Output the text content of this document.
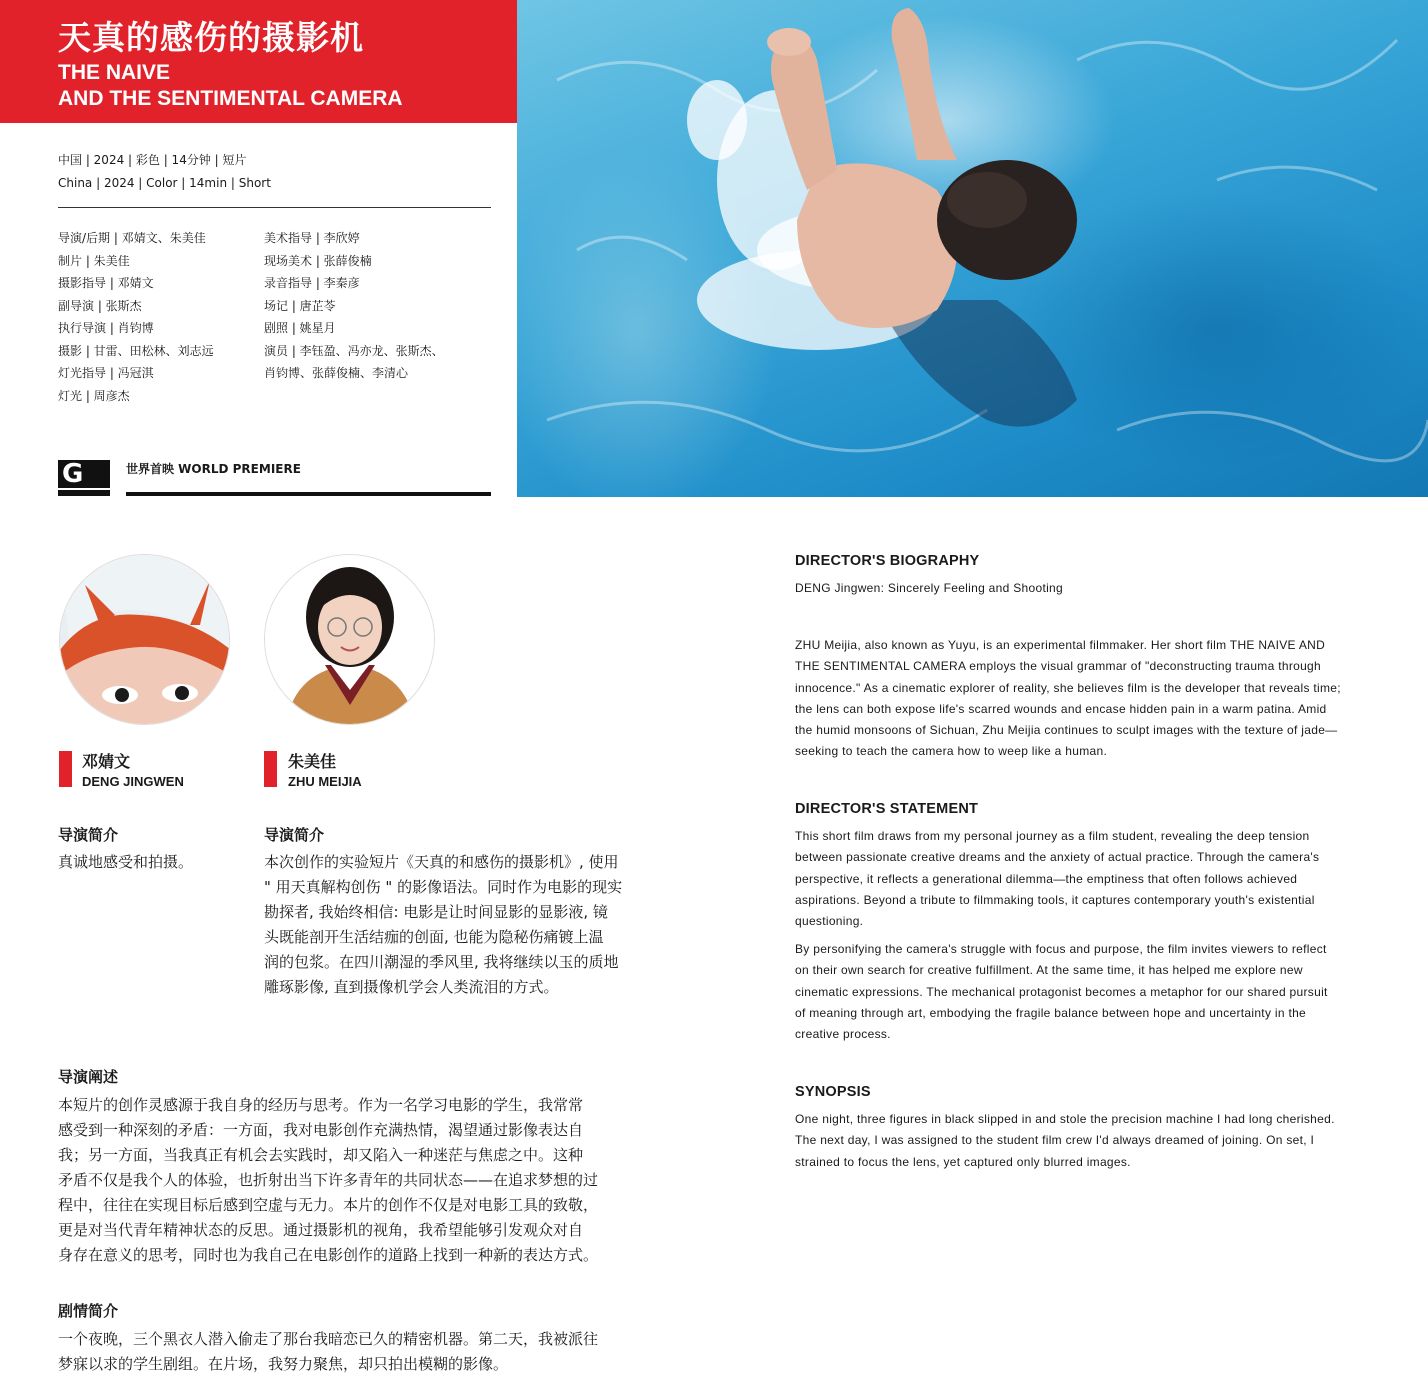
天真的感伤的摄影机
THE NAIVE
AND THE SENTIMENTAL CAMERA
中国 | 2024 | 彩色 | 14分钟 | 短片
China | 2024 | Color | 14min | Short
导演/后期 | 邓婧文、朱美佳
制片 | 朱美佳
摄影指导 | 邓婧文
副导演 | 张斯杰
执行导演 | 肖钧博
摄影 | 甘雷、田松林、刘志远
灯光指导 | 冯冠淇
灯光 | 周彦杰
美术指导 | 李欣婷
现场美术 | 张薛俊楠
录音指导 | 李秦彦
场记 | 唐芷苓
剧照 | 姚星月
演员 | 李钰盈、冯亦龙、张斯杰、
肖钧博、张薛俊楠、李清心
G	世界首映 WORLD PREMIERE
邓婧文
DENG JINGWEN
朱美佳
ZHU MEIJIA
导演简介
真诚地感受和拍摄。
导演简介
本次创作的实验短片《天真的和感伤的摄影机》, 使用
" 用天真解构创伤 " 的影像语法。同时作为电影的现实
勘探者, 我始终相信: 电影是让时间显影的显影液, 镜
头既能剖开生活结痂的创面, 也能为隐秘伤痛镀上温
润的包浆。在四川潮湿的季风里, 我将继续以玉的质地
雕琢影像, 直到摄像机学会人类流泪的方式。
导演阐述
本短片的创作灵感源于我自身的经历与思考。作为一名学习电影的学生，我常常
感受到一种深刻的矛盾：一方面，我对电影创作充满热情，渴望通过影像表达自
我；另一方面，当我真正有机会去实践时，却又陷入一种迷茫与焦虑之中。这种
矛盾不仅是我个人的体验，也折射出当下许多青年的共同状态——在追求梦想的过
程中，往往在实现目标后感到空虚与无力。本片的创作不仅是对电影工具的致敬，
更是对当代青年精神状态的反思。通过摄影机的视角，我希望能够引发观众对自
身存在意义的思考，同时也为我自己在电影创作的道路上找到一种新的表达方式。
剧情简介
一个夜晚，三个黑衣人潜入偷走了那台我暗恋已久的精密机器。第二天，我被派往
梦寐以求的学生剧组。在片场，我努力聚焦，却只拍出模糊的影像。
DIRECTOR'S BIOGRAPHY
DENG Jingwen: Sincerely Feeling and Shooting
ZHU Meijia, also known as Yuyu, is an experimental filmmaker. Her short film THE NAIVE AND
THE SENTIMENTAL CAMERA employs the visual grammar of "deconstructing trauma through
innocence." As a cinematic explorer of reality, she believes film is the developer that reveals time;
the lens can both expose life's scarred wounds and encase hidden pain in a warm patina. Amid
the humid monsoons of Sichuan, Zhu Meijia continues to sculpt images with the texture of jade—
seeking to teach the camera how to weep like a human.
DIRECTOR'S STATEMENT
This short film draws from my personal journey as a film student, revealing the deep tension
between passionate creative dreams and the anxiety of actual practice. Through the camera's
perspective, it reflects a generational dilemma—the emptiness that often follows achieved
aspirations. Beyond a tribute to filmmaking tools, it captures contemporary youth's existential
questioning.
By personifying the camera's struggle with focus and purpose, the film invites viewers to reflect
on their own search for creative fulfillment. At the same time, it has helped me explore new
cinematic expressions. The mechanical protagonist becomes a metaphor for our shared pursuit
of meaning through art, embodying the fragile balance between hope and uncertainty in the
creative process.
SYNOPSIS
One night, three figures in black slipped in and stole the precision machine I had long cherished.
The next day, I was assigned to the student film crew I'd always dreamed of joining. On set, I
strained to focus the lens, yet captured only blurred images.
